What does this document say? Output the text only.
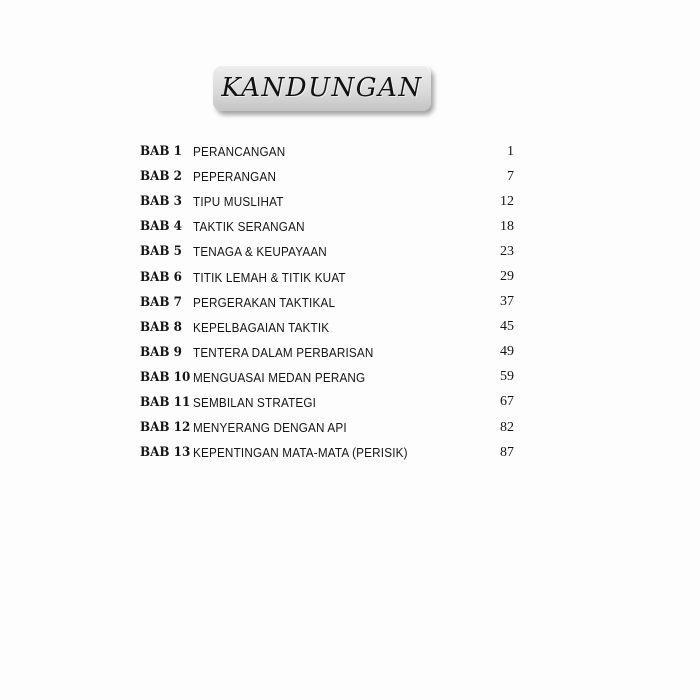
KANDUNGAN
BAB 1 PERANCANGAN	1
BAB 2 PEPERANGAN	7
BAB 3 TIPU MUSLIHAT	12
BAB 4 TAKTIK SERANGAN	18
BAB 5 TENAGA & KEUPAYAAN	23
BAB 6 TITIK LEMAH & TITIK KUAT	29
BAB 7 PERGERAKAN TAKTIKAL	37
BAB 8 KEPELBAGAIAN TAKTIK	45
BAB 9 TENTERA DALAM PERBARISAN	49
BAB 10 MENGUASAI MEDAN PERANG	59
BAB 11 SEMBILAN STRATEGI	67
BAB 12 MENYERANG DENGAN API	82
BAB 13 KEPENTINGAN MATA-MATA (PERISIK)	87
